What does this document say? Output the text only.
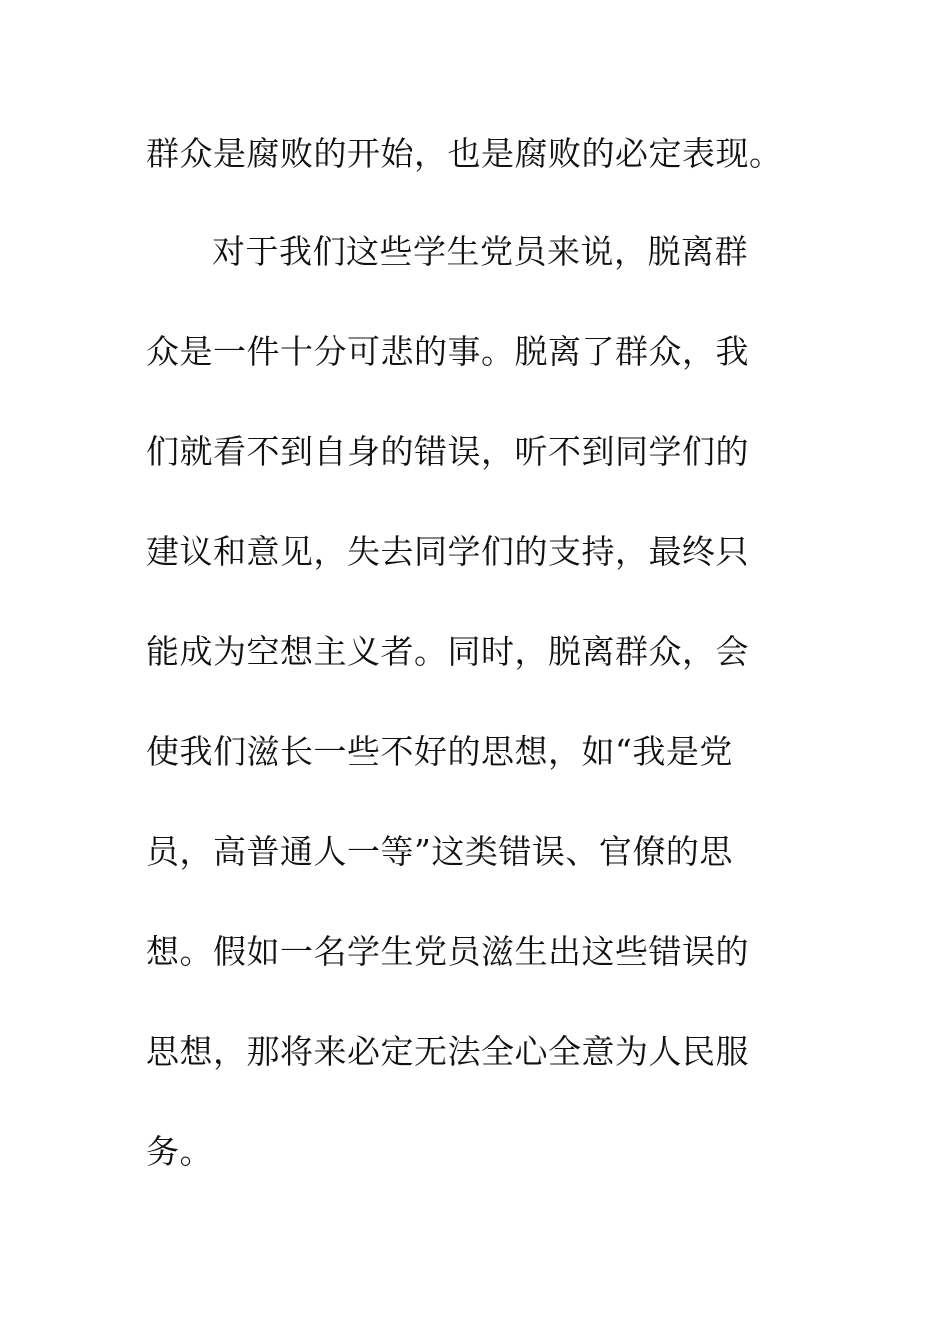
群众是腐败的开始，也是腐败的必定表现。
对于我们这些学生党员来说，脱离群
众是一件十分可悲的事。脱离了群众，我
们就看不到自身的错误，听不到同学们的
建议和意见，失去同学们的支持，最终只
能成为空想主义者。同时，脱离群众，会
使我们滋长一些不好的思想，如“我是党
员，高普通人一等”这类错误、官僚的思
想。假如一名学生党员滋生出这些错误的
思想，那将来必定无法全心全意为人民服
务。
